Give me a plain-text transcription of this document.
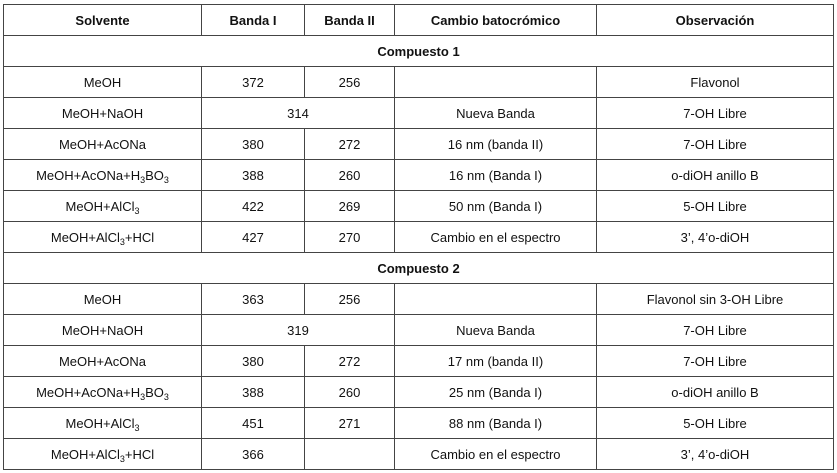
Solvente	Banda I	Banda II	Cambio batocrómico	Observación
Compuesto 1				
MeOH	372	256		Flavonol
MeOH+NaOH	314		Nueva Banda	7-OH Libre
MeOH+AcONa	380	272	16 nm (banda II)	7-OH Libre
$MeOH+AcONa+H_3BO_3$	388	260	16 nm (Banda I)	o-diOH anillo B
MeOH+AlCl$_3$	422	269	50 nm (Banda I)	5-OH Libre
MeOH+AlCl$_3$+HCl	427	270	Cambio en el espectro	3’, 4’o-diOH
Compuesto 2				
MeOH	363	256		Flavonol sin 3-OH Libre
MeOH+NaOH	319		Nueva Banda	7-OH Libre
MeOH+AcONa	380	272	17 nm (banda II)	7-OH Libre
$MeOH+AcONa+H_3BO_3$	388	260	25 nm (Banda I)	o-diOH anillo B
MeOH+AlCl$_3$	451	271	88 nm (Banda I)	5-OH Libre
MeOH+AlCl$_3$+HCl	366		Cambio en el espectro	3’, 4’o-diOH
